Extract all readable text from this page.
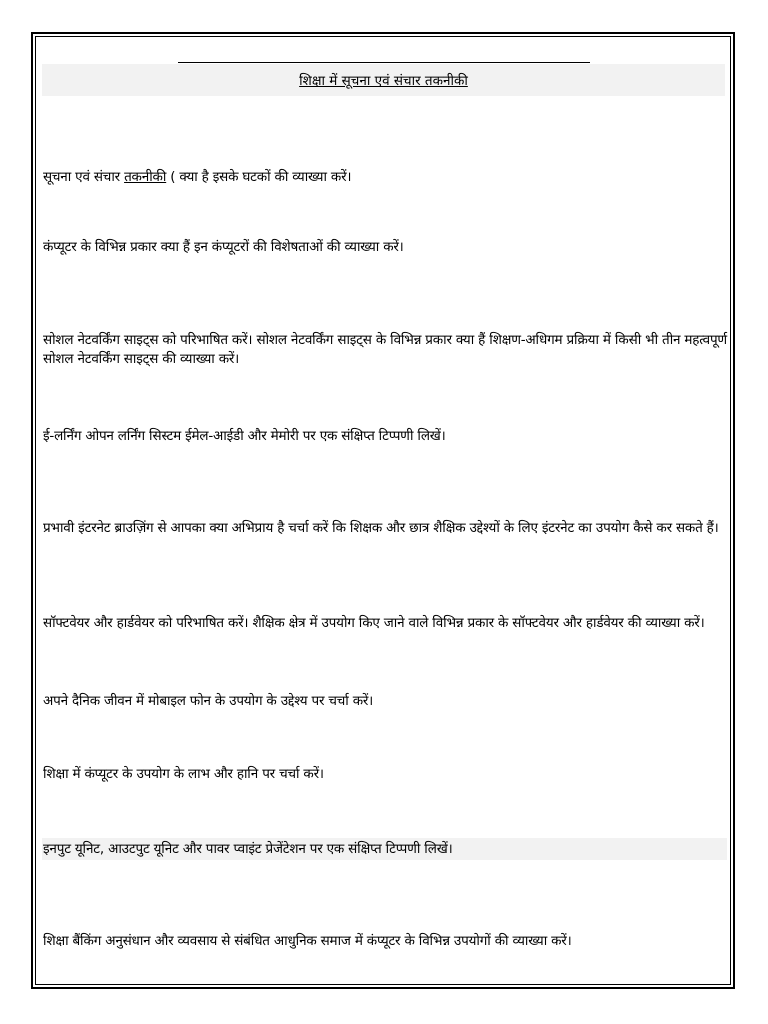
शिक्षा में सूचना एवं संचार तकनीकी
सूचना एवं संचार तकनीकी ( क्या है इसके घटकों की व्याख्या करें।
कंप्यूटर के विभिन्न प्रकार क्या हैं इन कंप्यूटरों की विशेषताओं की व्याख्या करें।
सोशल नेटवर्किंग साइट्स को परिभाषित करें। सोशल नेटवर्किंग साइट्स के विभिन्न प्रकार क्या हैं शिक्षण-अधिगम प्रक्रिया में किसी भी तीन महत्वपूर्ण सोशल नेटवर्किंग साइट्स की व्याख्या करें।
ई-लर्निंग ओपन लर्निंग सिस्टम ईमेल-आईडी और मेमोरी पर एक संक्षिप्त टिप्पणी लिखें।
प्रभावी इंटरनेट ब्राउज़िंग से आपका क्या अभिप्राय है चर्चा करें कि शिक्षक और छात्र शैक्षिक उद्देश्यों के लिए इंटरनेट का उपयोग कैसे कर सकते हैं।
सॉफ्टवेयर और हार्डवेयर को परिभाषित करें। शैक्षिक क्षेत्र में उपयोग किए जाने वाले विभिन्न प्रकार के सॉफ्टवेयर और हार्डवेयर की व्याख्या करें।
अपने दैनिक जीवन में मोबाइल फोन के उपयोग के उद्देश्य पर चर्चा करें।
शिक्षा में कंप्यूटर के उपयोग के लाभ और हानि पर चर्चा करें।
इनपुट यूनिट, आउटपुट यूनिट और पावर प्वाइंट प्रेजेंटेशन पर एक संक्षिप्त टिप्पणी लिखें।
शिक्षा बैंकिंग अनुसंधान और व्यवसाय से संबंधित आधुनिक समाज में कंप्यूटर के विभिन्न उपयोगों की व्याख्या करें।
